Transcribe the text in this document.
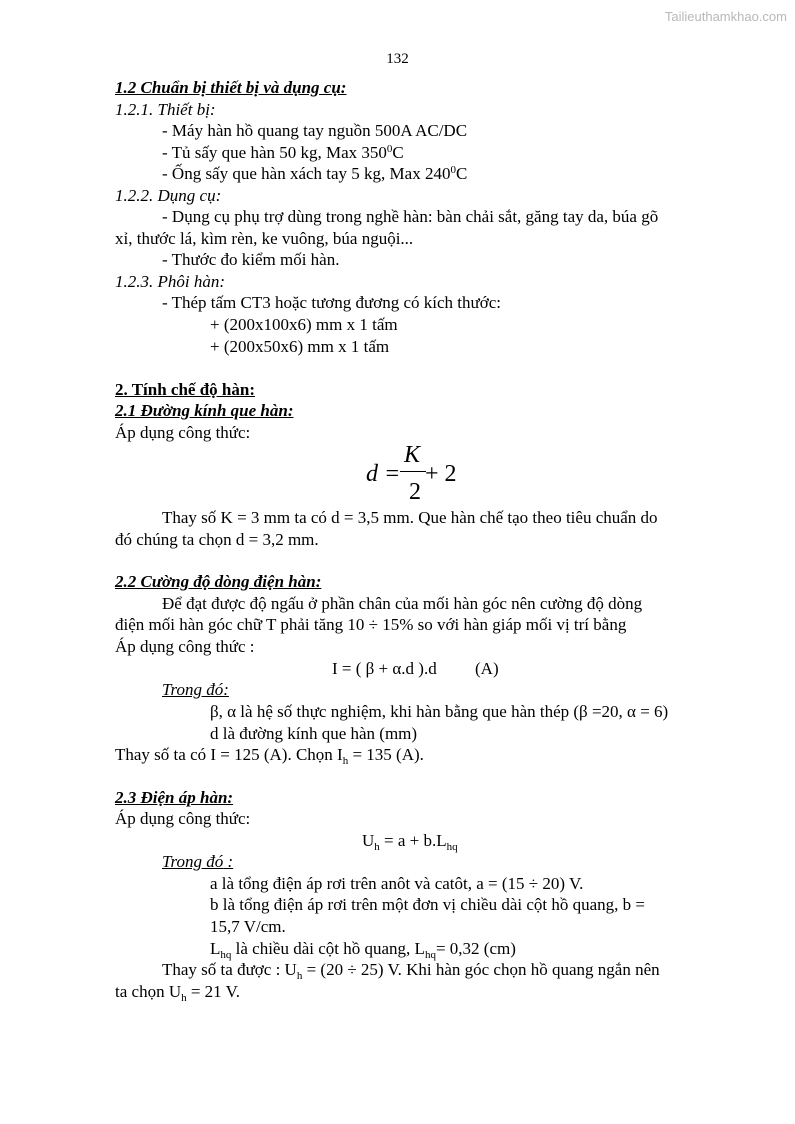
Tailieuthamkhao.com
132
1.2 Chuẩn bị thiết bị và dụng cụ:
1.2.1. Thiết bị:
- Máy hàn hồ quang tay nguồn 500A AC/DC
- Tủ sấy que hàn 50 kg, Max $350^0C$
- Ống sấy que hàn xách tay 5 kg, Max $240^0C$
1.2.2. Dụng cụ:
- Dụng cụ phụ trợ dùng trong nghề hàn: bàn chải sắt, găng tay da, búa gõ
xỉ, thước lá, kìm rèn, ke vuông, búa nguội...
- Thước đo kiểm mối hàn.
1.2.3. Phôi hàn:
- Thép tấm CT3 hoặc tương đương có kích thước:
+ (200x100x6) mm x 1 tấm
+ (200x50x6) mm x 1 tấm
2. Tính chế độ hàn:
2.1 Đường kính que hàn:
Áp dụng công thức:
d =
K
2
+ 2
Thay số K = 3 mm ta có d = 3,5 mm. Que hàn chế tạo theo tiêu chuẩn do
đó chúng ta chọn d = 3,2 mm.
2.2 Cường độ dòng điện hàn:
Để đạt được độ ngấu ở phần chân của mối hàn góc nên cường độ dòng
điện mối hàn góc chữ T phải tăng 10 ÷ 15% so với hàn giáp mối vị trí bằng
Áp dụng công thức :
I = ( β + α.d ).d (A)
Trong đó:
β, α là hệ số thực nghiệm, khi hàn bằng que hàn thép (β =20, α = 6)
d là đường kính que hàn (mm)
Thay số ta có I = 125 (A). Chọn $I_h = 135$ (A).
2.3 Điện áp hàn:
Áp dụng công thức:
$U_h = a + b.L_{hq}$
Trong đó :
a là tổng điện áp rơi trên anôt và catôt, a = (15 ÷ 20) V.
b là tổng điện áp rơi trên một đơn vị chiều dài cột hồ quang, b =
15,7 V/cm.
$L_{hq}$ là chiều dài cột hồ quang, $L_{hq}= 0,32$ (cm)
Thay số ta được : $U_h = (20 \div 25)$ V. Khi hàn góc chọn hồ quang ngắn nên
ta chọn $U_h = 21$ V.
